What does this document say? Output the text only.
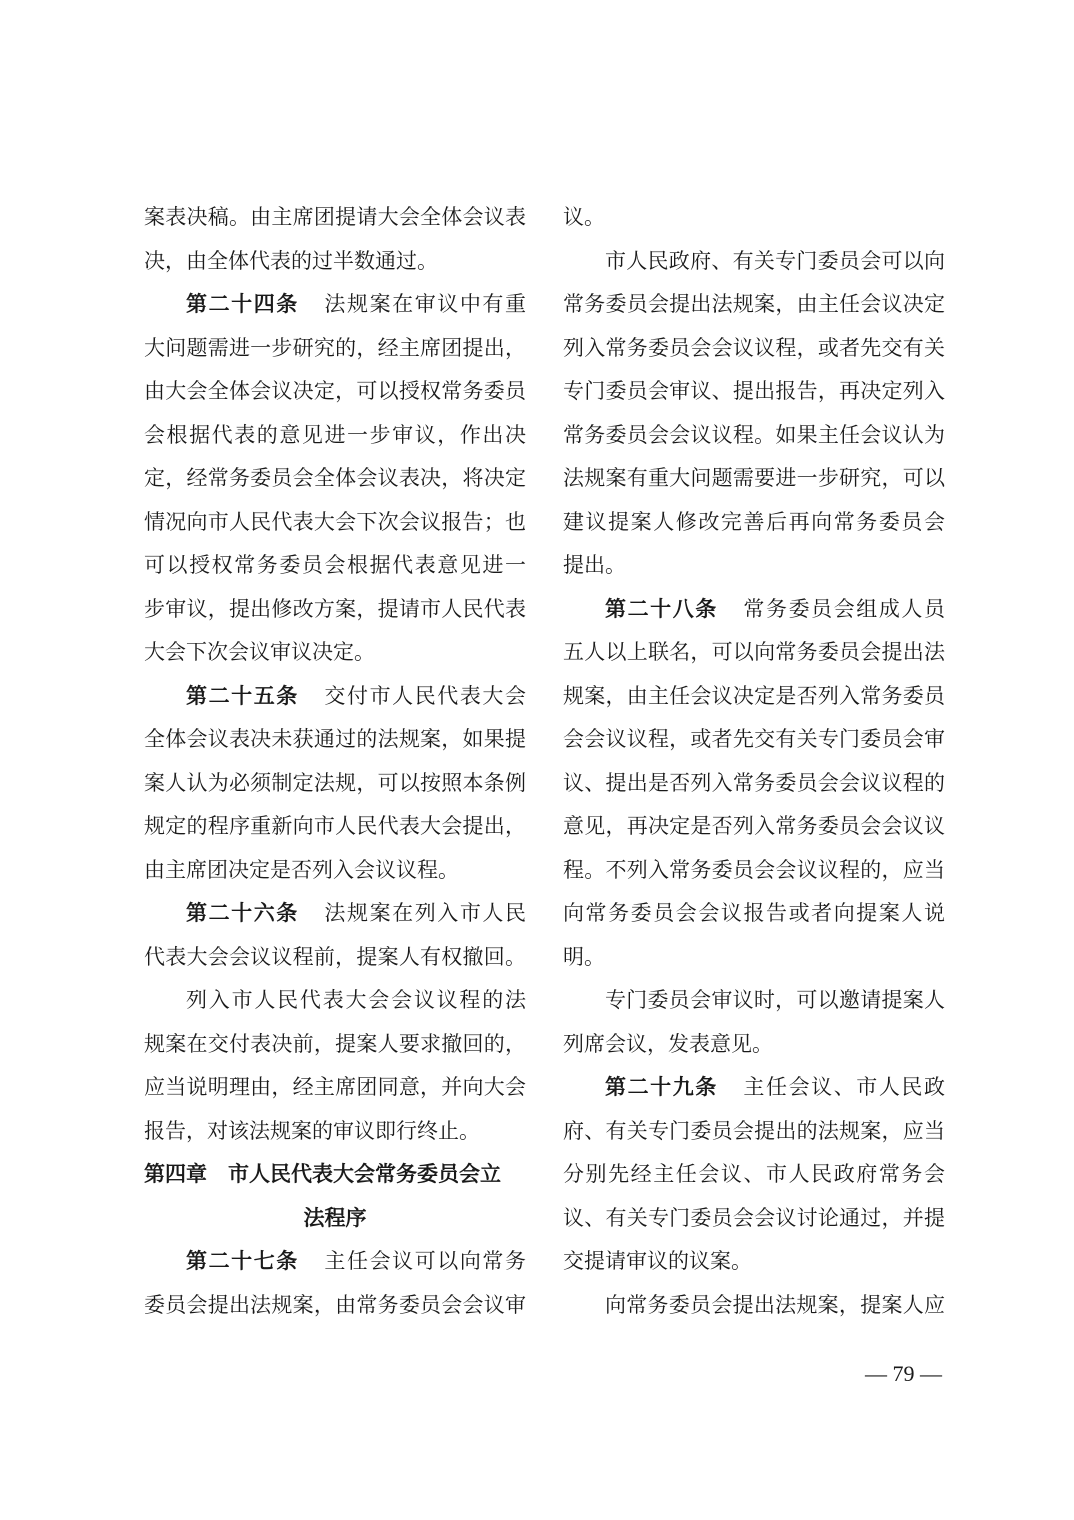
案表决稿。由主席团提请大会全体会议表
决，由全体代表的过半数通过。
第二十四条 法规案在审议中有重
大问题需进一步研究的，经主席团提出，
由大会全体会议决定，可以授权常务委员
会根据代表的意见进一步审议，作出决
定，经常务委员会全体会议表决，将决定
情况向市人民代表大会下次会议报告；也
可以授权常务委员会根据代表意见进一
步审议，提出修改方案，提请市人民代表
大会下次会议审议决定。
第二十五条 交付市人民代表大会
全体会议表决未获通过的法规案，如果提
案人认为必须制定法规，可以按照本条例
规定的程序重新向市人民代表大会提出，
由主席团决定是否列入会议议程。
第二十六条 法规案在列入市人民
代表大会会议议程前，提案人有权撤回。
列入市人民代表大会会议议程的法
规案在交付表决前，提案人要求撤回的，
应当说明理由，经主席团同意，并向大会
报告，对该法规案的审议即行终止。
第四章　市人民代表大会常务委员会立
法程序
第二十七条 主任会议可以向常务
委员会提出法规案，由常务委员会会议审
议。
市人民政府、有关专门委员会可以向
常务委员会提出法规案，由主任会议决定
列入常务委员会会议议程，或者先交有关
专门委员会审议、提出报告，再决定列入
常务委员会会议议程。如果主任会议认为
法规案有重大问题需要进一步研究，可以
建议提案人修改完善后再向常务委员会
提出。
第二十八条 常务委员会组成人员
五人以上联名，可以向常务委员会提出法
规案，由主任会议决定是否列入常务委员
会会议议程，或者先交有关专门委员会审
议、提出是否列入常务委员会会议议程的
意见，再决定是否列入常务委员会会议议
程。不列入常务委员会会议议程的，应当
向常务委员会会议报告或者向提案人说
明。
专门委员会审议时，可以邀请提案人
列席会议，发表意见。
第二十九条 主任会议、市人民政
府、有关专门委员会提出的法规案，应当
分别先经主任会议、市人民政府常务会
议、有关专门委员会会议讨论通过，并提
交提请审议的议案。
向常务委员会提出法规案，提案人应
— 79 —
